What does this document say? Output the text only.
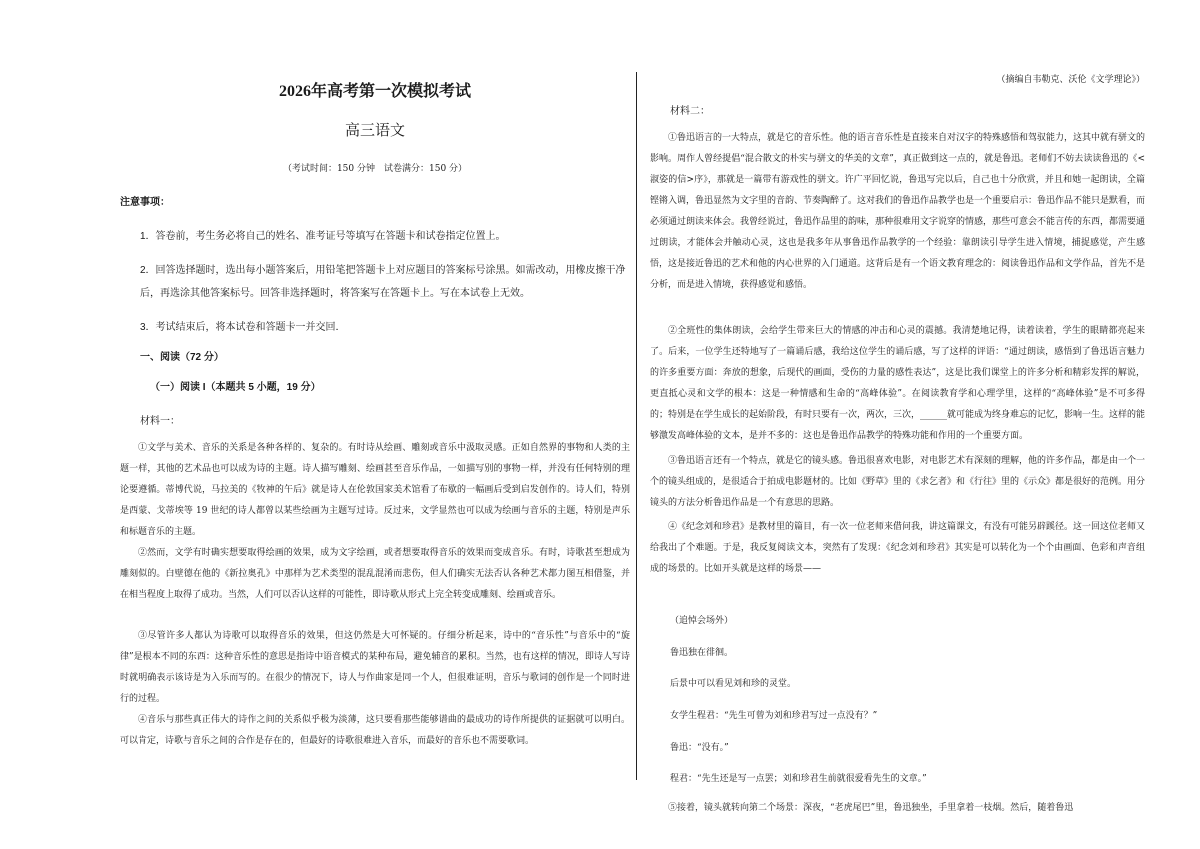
2026年高考第一次模拟考试

高三语文

（考试时间：150 分钟　试卷满分：150 分）

注意事项：

1．答卷前，考生务必将自己的姓名、准考证号等填写在答题卡和试卷指定位置上。

2．回答选择题时，选出每小题答案后，用铅笔把答题卡上对应题目的答案标号涂黑。如需改动，用橡皮擦干净后，再选涂其他答案标号。回答非选择题时，将答案写在答题卡上。写在本试卷上无效。

3．考试结束后，将本试卷和答题卡一并交回．

一、阅读（72 分）

（一）阅读 I（本题共 5 小题，19 分）

材料一：

①文学与美术、音乐的关系是各种各样的、复杂的。有时诗从绘画、雕刻或音乐中汲取灵感。正如自然界的事物和人类的主题一样，其他的艺术品也可以成为诗的主题。诗人描写雕刻、绘画甚至音乐作品，一如描写别的事物一样，并没有任何特别的理论要遵循。蒂博代说，马拉美的《牧神的午后》就是诗人在伦敦国家美术馆看了布歇的一幅画后受到启发创作的。诗人们，特别是西蒙、戈蒂埃等 19 世纪的诗人都曾以某些绘画为主题写过诗。反过来，文学显然也可以成为绘画与音乐的主题，特别是声乐和标题音乐的主题。

②然而，文学有时确实想要取得绘画的效果，成为文字绘画，或者想要取得音乐的效果而变成音乐。有时，诗歌甚至想成为雕刻似的。白壁德在他的《新拉奥孔》中那样为艺术类型的混乱混淆而悲伤，但人们确实无法否认各种艺术都力图互相借鉴，并在相当程度上取得了成功。当然，人们可以否认这样的可能性，即诗歌从形式上完全转变成雕刻、绘画或音乐。

③尽管许多人都认为诗歌可以取得音乐的效果，但这仍然是大可怀疑的。仔细分析起来，诗中的“音乐性”与音乐中的“旋律”是根本不同的东西：这种音乐性的意思是指诗中语音模式的某种布局，避免辅音的累积。当然，也有这样的情况，即诗人写诗时就明确表示该诗是为入乐而写的。在很少的情况下，诗人与作曲家是同一个人，但很难证明，音乐与歌词的创作是一个同时进行的过程。

④音乐与那些真正伟大的诗作之间的关系似乎极为淡薄，这只要看那些能够谱曲的最成功的诗作所提供的证据就可以明白。可以肯定，诗歌与音乐之间的合作是存在的，但最好的诗歌很难进入音乐，而最好的音乐也不需要歌词。

（摘编自韦勒克、沃伦《文学理论》）

材料二：

①鲁迅语言的一大特点，就是它的音乐性。他的语言音乐性是直接来自对汉字的特殊感悟和驾驭能力，这其中就有骈文的影响。周作人曾经提倡“混合散文的朴实与骈文的华美的文章”，真正做到这一点的，就是鲁迅。老师们不妨去读读鲁迅的《<淑姿的信>序》，那就是一篇带有游戏性的骈文。许广平回忆说，鲁迅写完以后，自己也十分欣赏，并且和她一起朗读，全篇铿锵入调，鲁迅显然为文字里的音韵、节奏陶醉了。这对我们的鲁迅作品教学也是一个重要启示：鲁迅作品不能只是默看，而必须通过朗读来体会。我曾经说过，鲁迅作品里的韵味，那种很难用文字说穿的情感，那些可意会不能言传的东西，都需要通过朗读，才能体会并触动心灵，这也是我多年从事鲁迅作品教学的一个经验：靠朗读引导学生进入情境，捕捉感觉，产生感悟，这是接近鲁迅的艺术和他的内心世界的入门通道。这背后是有一个语文教育理念的：阅读鲁迅作品和文学作品，首先不是分析，而是进入情境，获得感觉和感悟。

②全班性的集体朗读，会给学生带来巨大的情感的冲击和心灵的震撼。我清楚地记得，读着读着，学生的眼睛都亮起来了。后来，一位学生还特地写了一篇诵后感，我给这位学生的诵后感，写了这样的评语：“通过朗读，感悟到了鲁迅语言魅力的许多重要方面：奔放的想象，后现代的画面，受伤的力量的感性表达”，这是比我们课堂上的许多分析和精彩发挥的解说，更直抵心灵和文学的根本：这是一种情感和生命的“高峰体验”。在阅读教育学和心理学里，这样的“高峰体验”是不可多得的；特别是在学生成长的起始阶段，有时只要有一次，两次，三次，______就可能成为终身难忘的记忆，影响一生。这样的能够激发高峰体验的文本，是并不多的：这也是鲁迅作品教学的特殊功能和作用的一个重要方面。

③鲁迅语言还有一个特点，就是它的镜头感。鲁迅很喜欢电影，对电影艺术有深刻的理解，他的许多作品，都是由一个一个的镜头组成的，是很适合于拍成电影题材的。比如《野草》里的《求乞者》和《行往》里的《示众》都是很好的范例。用分镜头的方法分析鲁迅作品是一个有意思的思路。

④《纪念刘和珍君》是教材里的篇目，有一次一位老师来借问我，讲这篇课文，有没有可能另辟蹊径。这一回这位老师又给我出了个难题。于是，我反复阅读文本，突然有了发现：《纪念刘和珍君》其实是可以转化为一个个由画面、色彩和声音组成的场景的。比如开头就是这样的场景——

（追悼会场外）

鲁迅独在徘徊。

后景中可以看见刘和珍的灵堂。

女学生程君：“先生可曾为刘和珍君写过一点没有？”

鲁迅：“没有。”

程君：“先生还是写一点罢；刘和珍君生前就很爱看先生的文章。”

⑤接着，镜头就转向第二个场景：深夜，“老虎尾巴”里，鲁迅独坐，手里拿着一枝烟。然后，随着鲁迅
